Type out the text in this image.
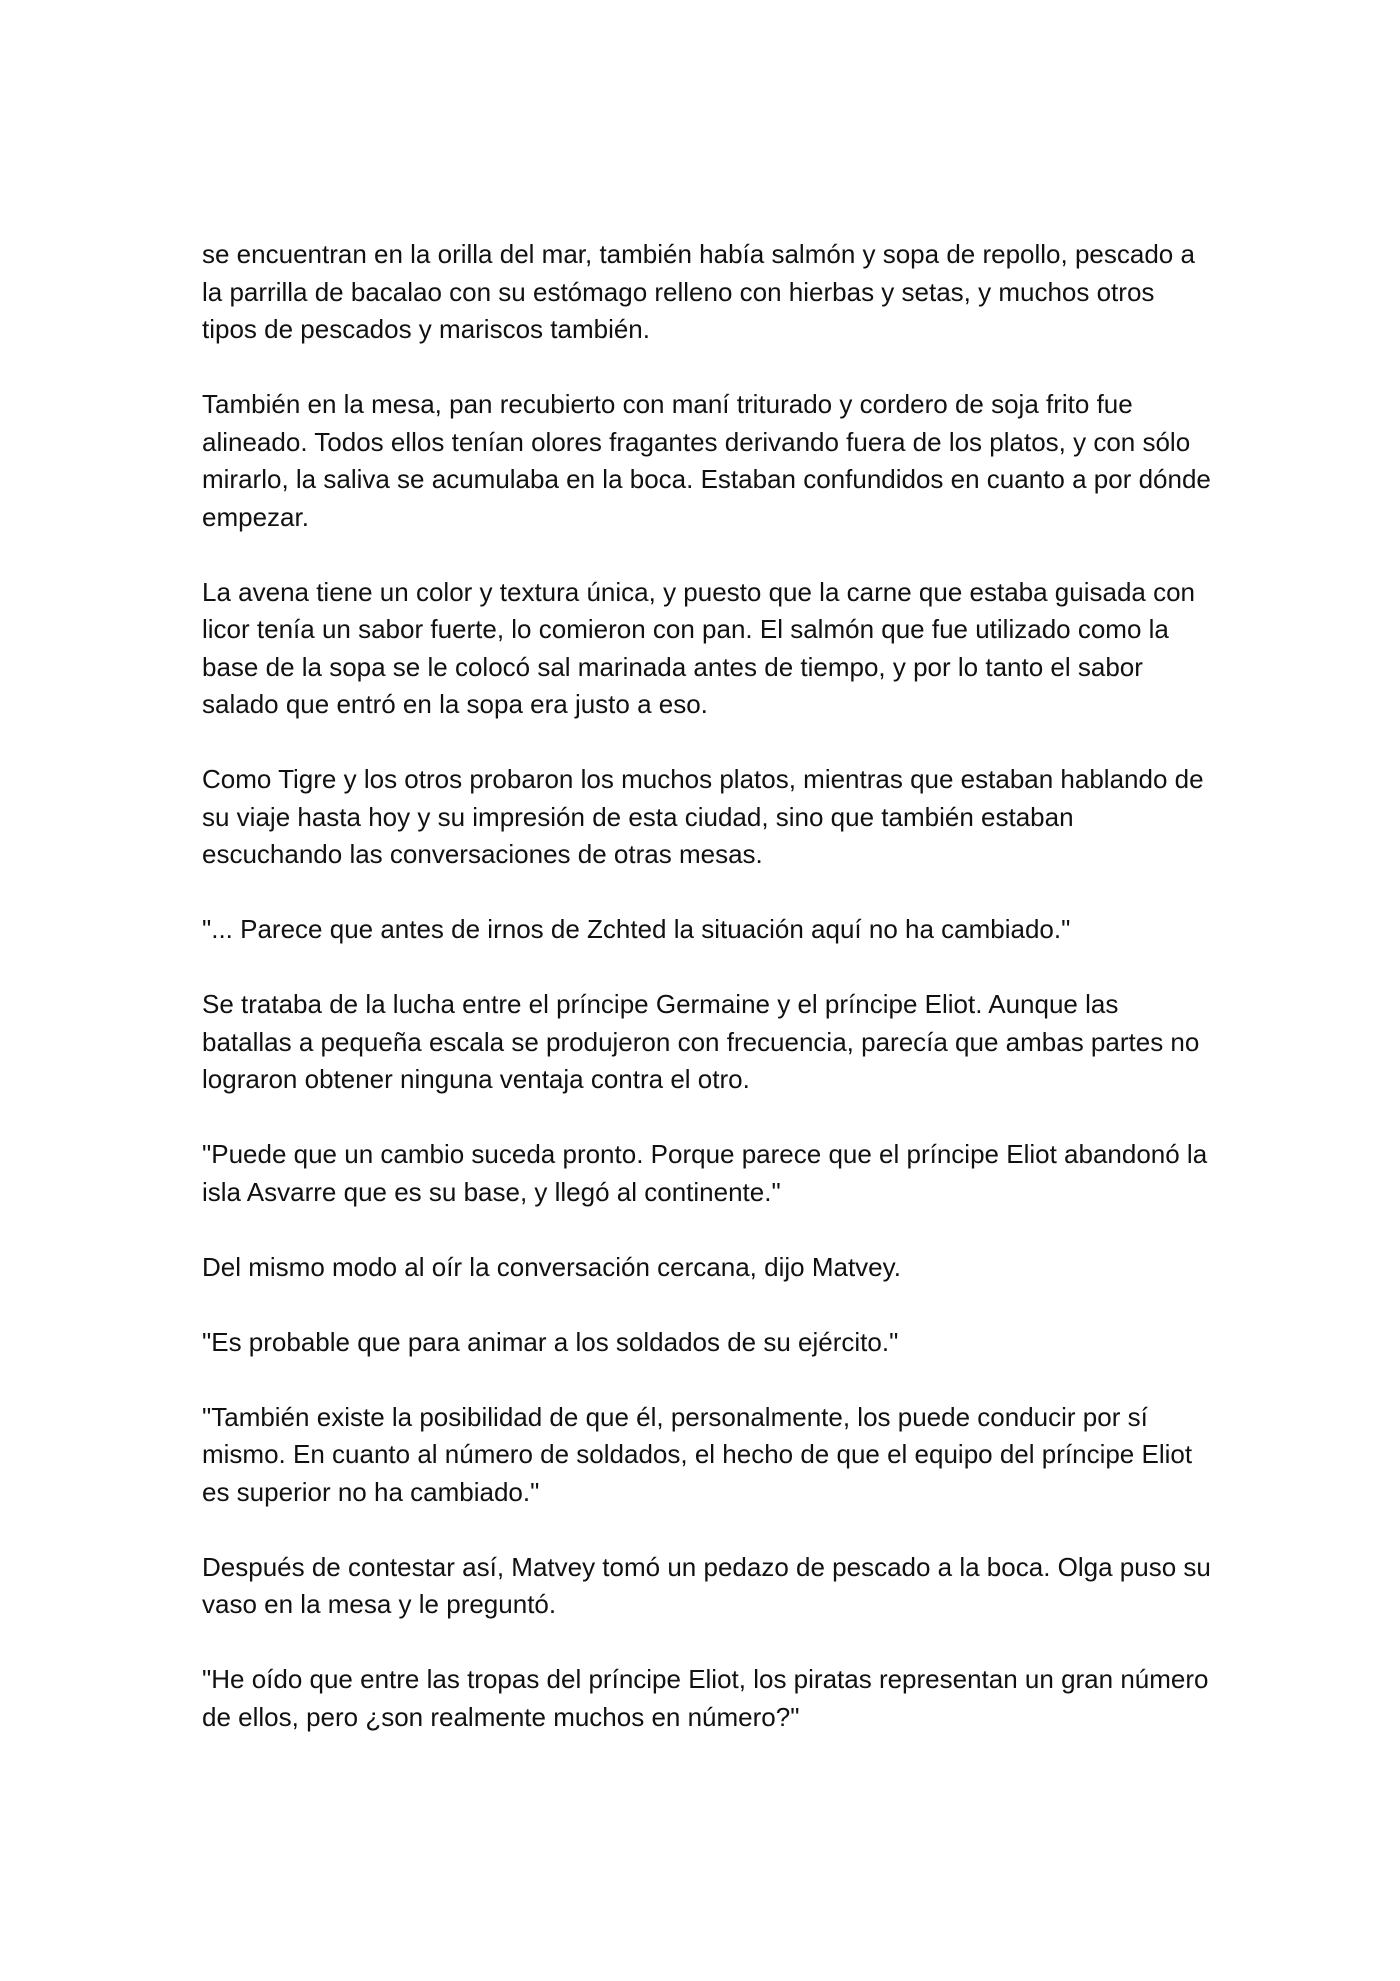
se encuentran en la orilla del mar, también había salmón y sopa de repollo, pescado a la parrilla de bacalao con su estómago relleno con hierbas y setas, y muchos otros tipos de pescados y mariscos también.

También en la mesa, pan recubierto con maní triturado y cordero de soja frito fue alineado. Todos ellos tenían olores fragantes derivando fuera de los platos, y con sólo mirarlo, la saliva se acumulaba en la boca. Estaban confundidos en cuanto a por dónde empezar.

La avena tiene un color y textura única, y puesto que la carne que estaba guisada con licor tenía un sabor fuerte, lo comieron con pan. El salmón que fue utilizado como la base de la sopa se le colocó sal marinada antes de tiempo, y por lo tanto el sabor salado que entró en la sopa era justo a eso.

Como Tigre y los otros probaron los muchos platos, mientras que estaban hablando de su viaje hasta hoy y su impresión de esta ciudad, sino que también estaban escuchando las conversaciones de otras mesas.

"... Parece que antes de irnos de Zchted la situación aquí no ha cambiado."

Se trataba de la lucha entre el príncipe Germaine y el príncipe Eliot. Aunque las batallas a pequeña escala se produjeron con frecuencia, parecía que ambas partes no lograron obtener ninguna ventaja contra el otro.

"Puede que un cambio suceda pronto. Porque parece que el príncipe Eliot abandonó la isla Asvarre que es su base, y llegó al continente."

Del mismo modo al oír la conversación cercana, dijo Matvey.

"Es probable que para animar a los soldados de su ejército."

"También existe la posibilidad de que él, personalmente, los puede conducir por sí mismo. En cuanto al número de soldados, el hecho de que el equipo del príncipe Eliot es superior no ha cambiado."

Después de contestar así, Matvey tomó un pedazo de pescado a la boca. Olga puso su vaso en la mesa y le preguntó.

"He oído que entre las tropas del príncipe Eliot, los piratas representan un gran número de ellos, pero ¿son realmente muchos en número?"
